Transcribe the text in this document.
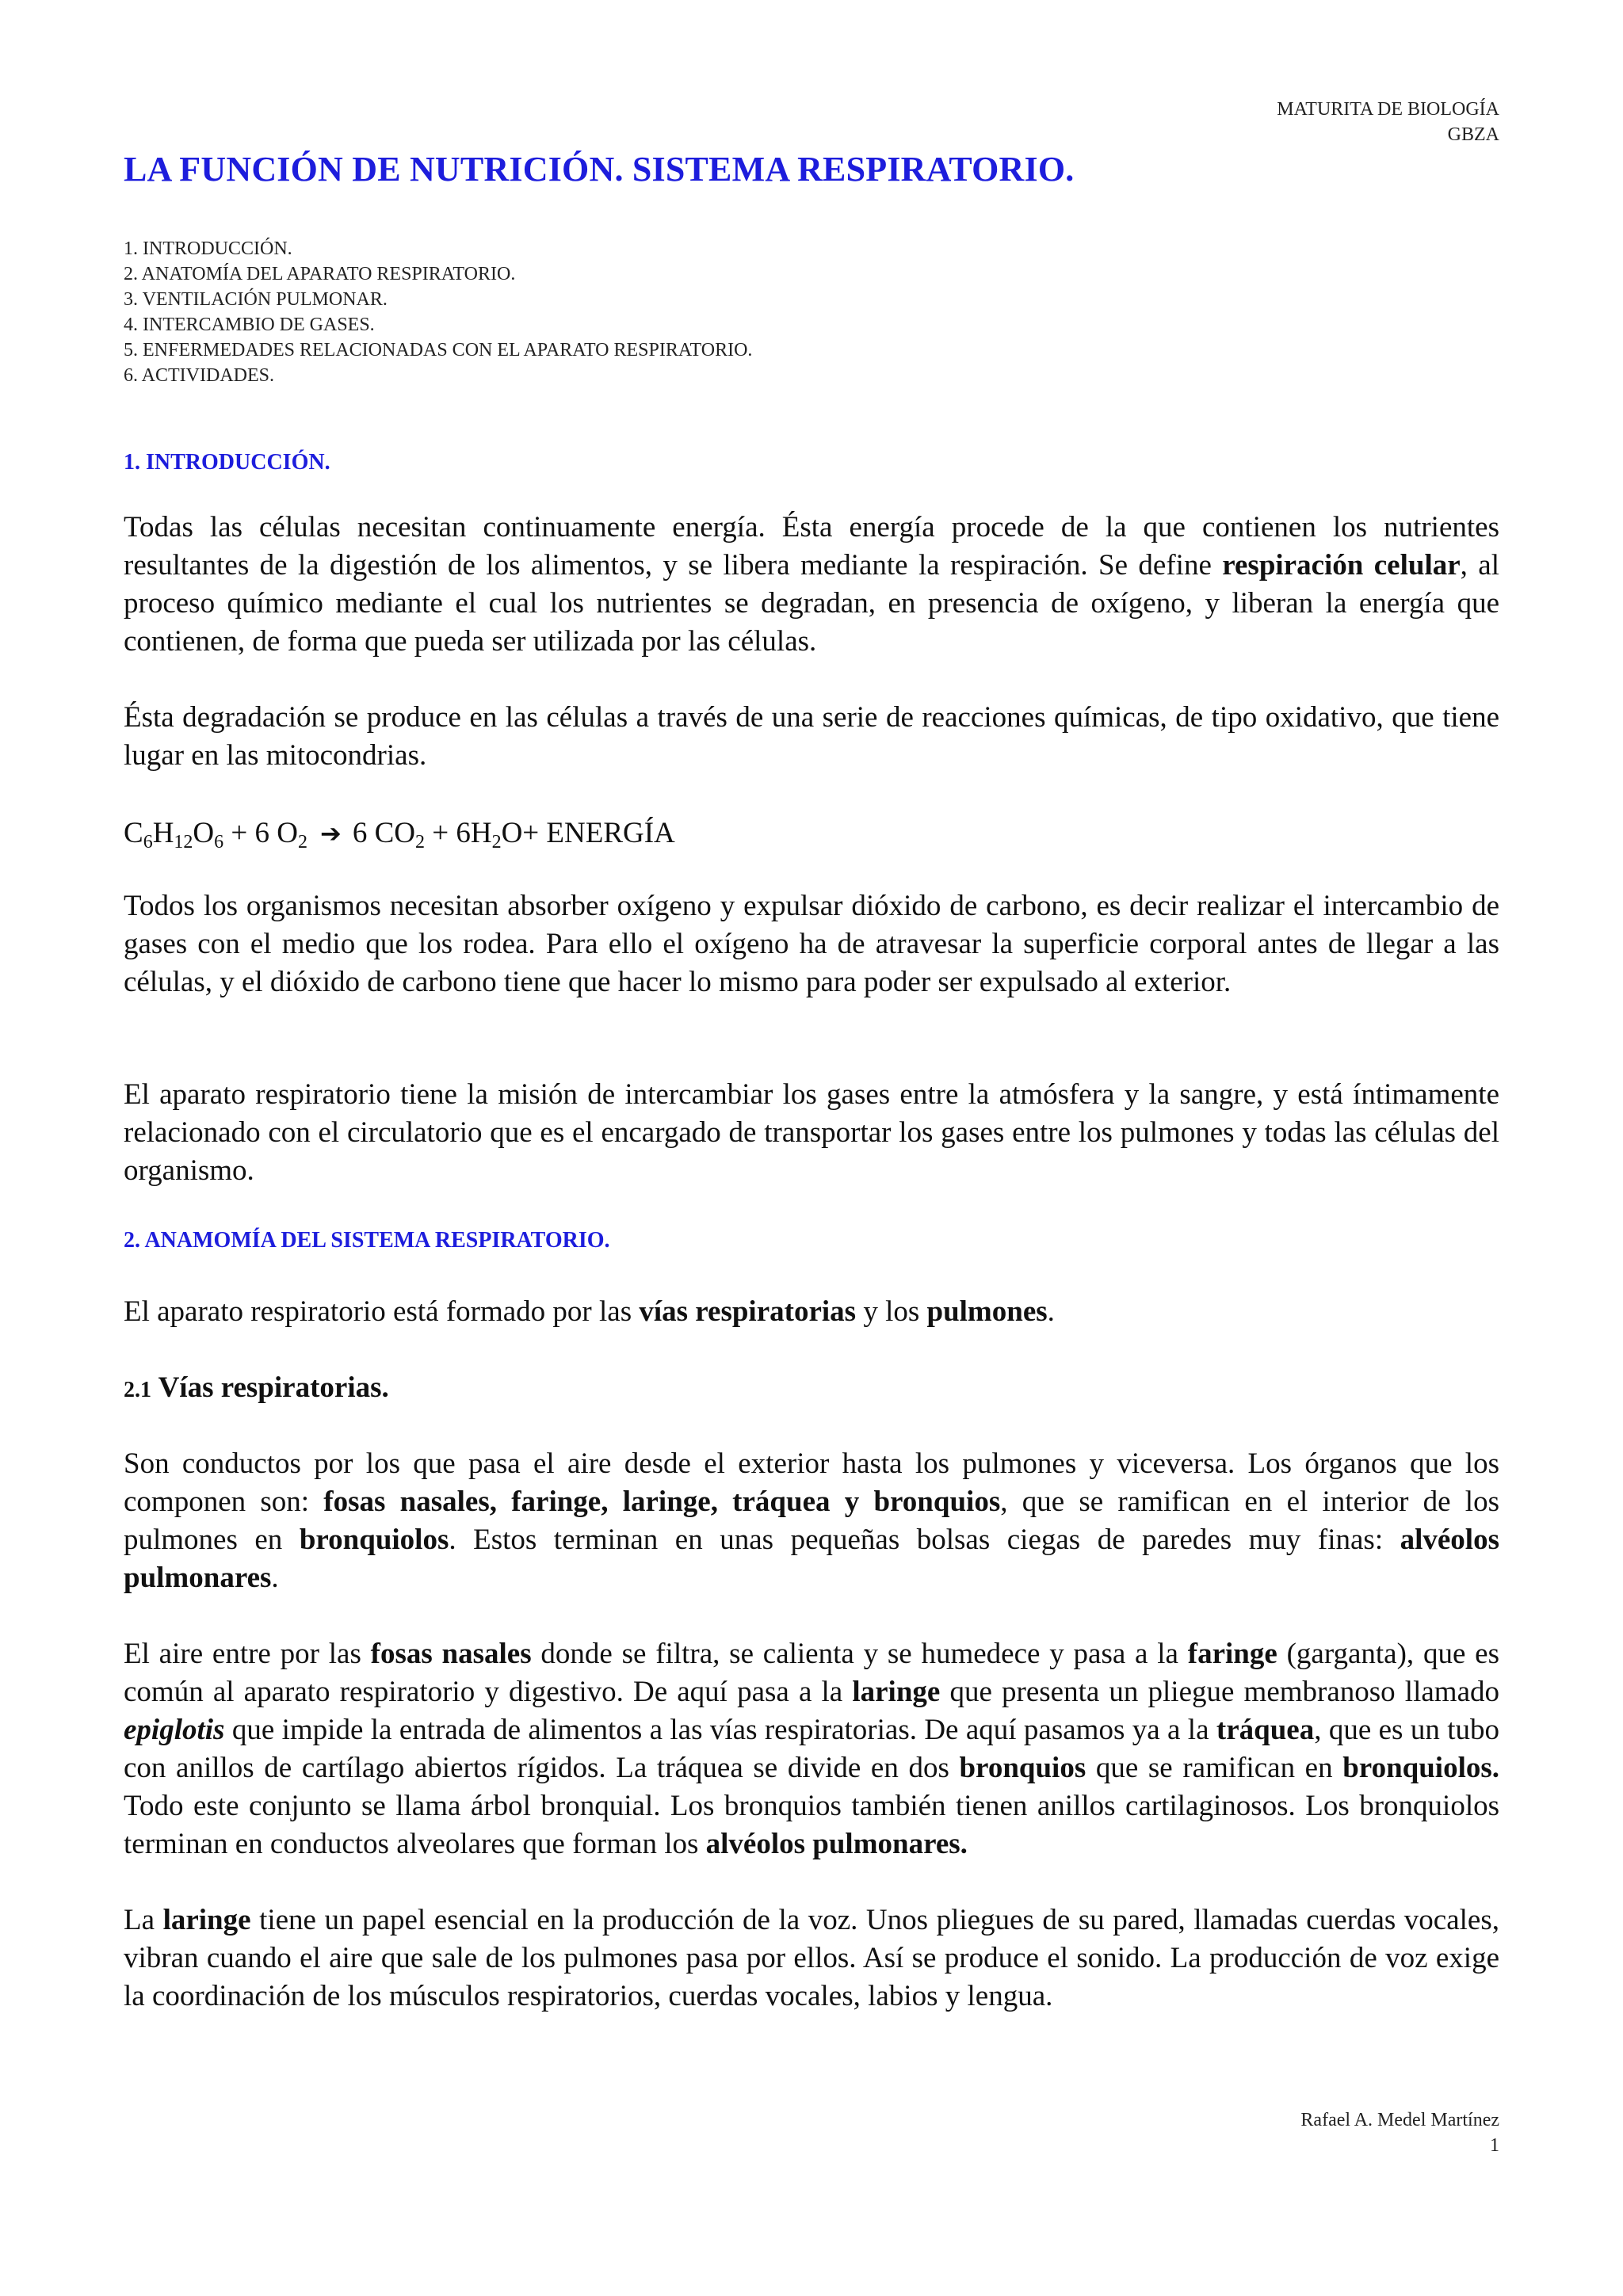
MATURITA DE BIOLOGÍA
GBZA
LA FUNCIÓN DE NUTRICIÓN. SISTEMA RESPIRATORIO.
1. INTRODUCCIÓN.
2. ANATOMÍA DEL APARATO RESPIRATORIO.
3. VENTILACIÓN PULMONAR.
4. INTERCAMBIO DE GASES.
5. ENFERMEDADES RELACIONADAS CON EL APARATO RESPIRATORIO.
6. ACTIVIDADES.
1. INTRODUCCIÓN.

Todas las células necesitan continuamente energía. Ésta energía procede de la que contienen los nutrientes resultantes de la digestión de los alimentos, y se libera mediante la respiración. Se define respiración celular, al proceso químico mediante el cual los nutrientes se degradan, en presencia de oxígeno, y liberan la energía que contienen, de forma que pueda ser utilizada por las células.

Ésta degradación se produce en las células a través de una serie de reacciones químicas, de tipo oxidativo, que tiene lugar en las mitocondrias.

$C_6H_{12}O_6 + 6$ $O_2$ ➔ 6 $CO_2 + 6H_2O+$ ENERGÍA

Todos los organismos necesitan absorber oxígeno y expulsar dióxido de carbono, es decir realizar el intercambio de gases con el medio que los rodea. Para ello el oxígeno ha de atravesar la superficie corporal antes de llegar a las células, y el dióxido de carbono tiene que hacer lo mismo para poder ser expulsado al exterior.

El aparato respiratorio tiene la misión de intercambiar los gases entre la atmósfera y la sangre, y está íntimamente relacionado con el circulatorio que es el encargado de transportar los gases entre los pulmones y todas las células del organismo.

2. ANAMOMÍA DEL SISTEMA RESPIRATORIO.

El aparato respiratorio está formado por las vías respiratorias y los pulmones.

2.1 Vías respiratorias.

Son conductos por los que pasa el aire desde el exterior hasta los pulmones y viceversa. Los órganos que los componen son: fosas nasales, faringe, laringe, tráquea y bronquios, que se ramifican en el interior de los pulmones en bronquiolos. Estos terminan en unas pequeñas bolsas ciegas de paredes muy finas: alvéolos pulmonares.

El aire entre por las fosas nasales donde se filtra, se calienta y se humedece y pasa a la faringe (garganta), que es común al aparato respiratorio y digestivo. De aquí pasa a la laringe que presenta un pliegue membranoso llamado epiglotis que impide la entrada de alimentos a las vías respiratorias. De aquí pasamos ya a la tráquea, que es un tubo con anillos de cartílago abiertos rígidos. La tráquea se divide en dos bronquios que se ramifican en bronquiolos. Todo este conjunto se llama árbol bronquial. Los bronquios también tienen anillos cartilaginosos. Los bronquiolos terminan en conductos alveolares que forman los alvéolos pulmonares.

La laringe tiene un papel esencial en la producción de la voz. Unos pliegues de su pared, llamadas cuerdas vocales, vibran cuando el aire que sale de los pulmones pasa por ellos. Así se produce el sonido. La producción de voz exige la coordinación de los músculos respiratorios, cuerdas vocales, labios y lengua.

Rafael A. Medel Martínez
1
